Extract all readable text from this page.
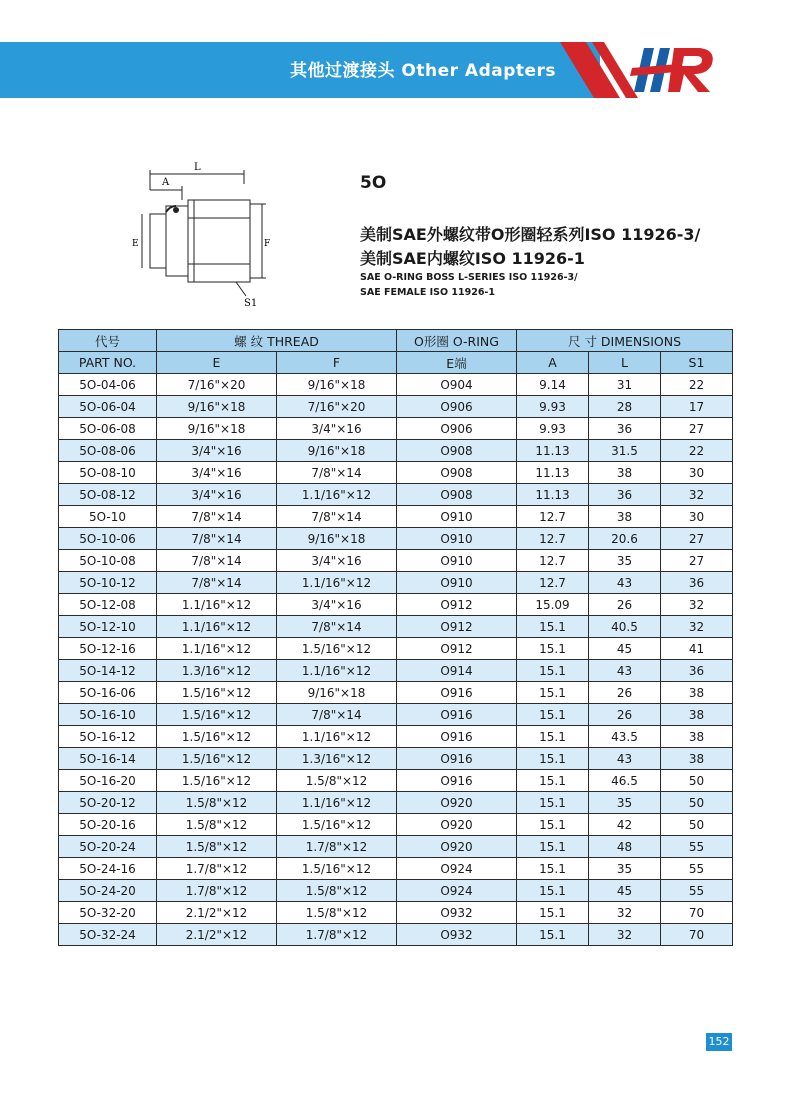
其他过渡接头 Other Adapters
L
A
E	F
S1
5O
美制SAE外螺纹带O形圈轻系列ISO 11926-3/
美制SAE内螺纹ISO 11926-1
SAE O-RING BOSS L-SERIES ISO 11926-3/
SAE FEMALE ISO 11926-1
代号	螺 纹 THREAD		O形圈 O-RING	尺 寸 DIMENSIONS		
PART NO.	E	F	E端	A	L	S1
5O-04-06	7/16"×20	9/16"×18	O904	9.14	31	22
5O-06-04	9/16"×18	7/16"×20	O906	9.93	28	17
5O-06-08	9/16"×18	3/4"×16	O906	9.93	36	27
5O-08-06	3/4"×16	9/16"×18	O908	11.13	31.5	22
5O-08-10	3/4"×16	7/8"×14	O908	11.13	38	30
5O-08-12	3/4"×16	1.1/16"×12	O908	11.13	36	32
5O-10	7/8"×14	7/8"×14	O910	12.7	38	30
5O-10-06	7/8"×14	9/16"×18	O910	12.7	20.6	27
5O-10-08	7/8"×14	3/4"×16	O910	12.7	35	27
5O-10-12	7/8"×14	1.1/16"×12	O910	12.7	43	36
5O-12-08	1.1/16"×12	3/4"×16	O912	15.09	26	32
5O-12-10	1.1/16"×12	7/8"×14	O912	15.1	40.5	32
5O-12-16	1.1/16"×12	1.5/16"×12	O912	15.1	45	41
5O-14-12	1.3/16"×12	1.1/16"×12	O914	15.1	43	36
5O-16-06	1.5/16"×12	9/16"×18	O916	15.1	26	38
5O-16-10	1.5/16"×12	7/8"×14	O916	15.1	26	38
5O-16-12	1.5/16"×12	1.1/16"×12	O916	15.1	43.5	38
5O-16-14	1.5/16"×12	1.3/16"×12	O916	15.1	43	38
5O-16-20	1.5/16"×12	1.5/8"×12	O916	15.1	46.5	50
5O-20-12	1.5/8"×12	1.1/16"×12	O920	15.1	35	50
5O-20-16	1.5/8"×12	1.5/16"×12	O920	15.1	42	50
5O-20-24	1.5/8"×12	1.7/8"×12	O920	15.1	48	55
5O-24-16	1.7/8"×12	1.5/16"×12	O924	15.1	35	55
5O-24-20	1.7/8"×12	1.5/8"×12	O924	15.1	45	55
5O-32-20	2.1/2"×12	1.5/8"×12	O932	15.1	32	70
5O-32-24	2.1/2"×12	1.7/8"×12	O932	15.1	32	70
152
